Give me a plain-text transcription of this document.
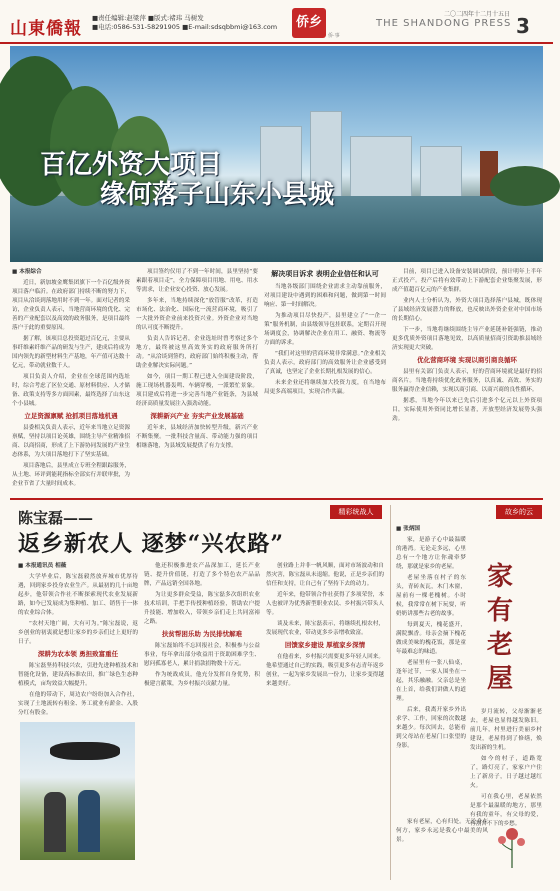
山東僑報
■责任编辑:赵梁萍 ■版式:褚玮 马树发
■电话:0586-531-58291905 ■E-mail:sdsqbbmi@163.com	侨乡
侨·事
二〇二四年十二月十五日
THE SHANDONG PRESS 3
百亿外资大项目
缘何落子山东小县城

■ 本报综合

近日，新加坡金鹰集团旗下一个百亿级外资项目落户临沂。在政府部门持续不断的努力下，项目从洽谈到落地用时不到一年。面对记者的采访，企业负责人表示，当地营商环境的优化、完善的产业配套以及高效的政务服务，是项目最终落户于此的重要原因。

据了解，该项目总投资超过百亿元，主要从事纤维素纤维产品的研发与生产，建成后将成为国内领先的新型材料生产基地，年产值可达数十亿元，带动就业数千人。

项目负责人介绍，企业在全球范围内选址时，综合考虑了区位交通、原材料供应、人才储备、政策支持等多方面因素，最终选择了山东这个小县城。

立足资源禀赋 抢抓项目落地机遇

县委相关负责人表示，近年来当地立足资源禀赋，坚持以项目论英雄，围绕主导产业精准招商、以商招商，形成了上下游协同发展的产业生态体系，为大项目落地打下了坚实基础。

项目落地后，县里成立专班全程跟踪服务，从土地、环评到能耗指标全部实行并联审批，为企业节省了大量时间成本。

项目签约仅用了不到一年时间，县里坚持“要素跟着项目走”，全力保障项目用地、用电、用水等需求，让企业安心投资、放心发展。

多年来，当地持续深化“放管服”改革，打造市场化、法治化、国际化一流营商环境，吸引了一大批外资企业前来投资兴业。外资企业对当地的认可度不断提升。

负责人告诉记者，企业选址时曾考察过多个地方，最终被这里高效务实的政府服务所打动。“从洽谈到签约，政府部门始终积极主动，帮助企业解决实际问题。”

如今，项目一期工程已进入全面建设阶段，施工现场机器轰鸣、车辆穿梭，一派繁忙景象。项目建成后将进一步完善当地产业链条，为县域经济高质量发展注入强劲动能。

深耕新兴产业 夯实产业发展基础

近年来，县域经济加快转型升级，新兴产业不断集聚。一批科技含量高、带动能力强的项目相继落地，为县域发展提供了有力支撑。

解决项目诉求 表明企业信任和认可

当地各级部门围绕企业需求主动靠前服务，对项目建设中遇到的困难和问题，做到第一时间响应、第一时间解决。

为推动项目尽快投产，县里建立了“一企一策”服务机制，由县级领导包挂联系，定期召开现场调度会，协调解决企业在用工、融资、物流等方面的诉求。

“我们对这里的营商环境非常满意。”企业相关负责人表示，政府部门的高效服务让企业感受到了真诚，也坚定了企业长期扎根发展的信心。

未来企业还将继续加大投资力度，在当地布局更多高端项目，实现合作共赢。

目前，项目已进入设备安装调试阶段，预计明年上半年正式投产。投产后将有效带动上下游配套企业集聚发展，形成产值超百亿元的产业集群。

业内人士分析认为，外资大项目选择落户县城，既体现了县域经济发展潜力的释放，也反映出外资企业对中国市场的长期信心。

下一步，当地将继续围绕主导产业延链补链强链，推动更多优质外资项目落地见效，以高质量招商引资助推县域经济实现更大突破。

优化营商环境 实现以商引商良循环

县里有关部门负责人表示，好的营商环境就是最好的招商名片。当地将持续优化政务服务，以真诚、高效、务实的服务赢得企业信赖，实现以商引商、以商兴商的良性循环。

据悉，当地今年以来已先后引进多个亿元以上外资项目，实际使用外资同比增长显著，开放型经济发展势头强劲。

精彩统战人
陈宝磊——
返乡新农人 逐梦“兴农路”

■ 本报通讯员 相薇

大学毕业后，陈宝磊毅然放弃城市优厚待遇，回到家乡投身农业生产。从最初的几十亩地起步，他带领合作社不断探索现代农业发展新路，如今已发展成为集种植、加工、销售于一体的农业综合体。

“农村天地广阔，大有可为。”陈宝磊说，返乡创业的初衷就是想让家乡的乡亲们过上更好的日子。

深耕为农本领 勇担致富重任

陈宝磊坚持科技兴农，引进先进种植技术和智能化设备，建设高标准农田，推广绿色生态种植模式，亩均效益大幅提升。

在他的带动下，周边农户纷纷加入合作社，实现了土地流转有租金、务工就业有薪金、入股分红有股金。

他还积极推进农产品深加工，延长产业链、提升价值链，打造了多个特色农产品品牌，产品远销全国各地。

为让更多群众受益，陈宝磊多次组织农业技术培训，手把手传授种植经验，帮助农户提升技能、增加收入，带领乡亲们走上共同富裕之路。

扶贫帮困乐助 为民排忧解难

陈宝磊始终不忘回报社会，积极参与公益事业，每年拿出部分收益用于资助困难学生、慰问孤寡老人，累计捐款捐物数十万元。

作为统战成员，他充分发挥自身优势，积极建言献策，为乡村振兴贡献力量。

创业路上并非一帆风顺，面对市场波动和自然灾害，陈宝磊从未退缩。他说，正是乡亲们的信任和支持，让自己有了坚持下去的动力。

近年来，他带领合作社获得了多项荣誉，本人也被评为优秀新型职业农民、乡村振兴带头人等。

谈及未来，陈宝磊表示，将继续扎根农村，发展现代农业，带动更多乡亲增收致富。

回馈家乡建设 厚植家乡深情

在他看来，乡村振兴需要更多年轻人回来。他希望通过自己的实践，吸引更多有志青年返乡创业，一起为家乡发展出一份力，让家乡变得越来越美好。

故乡的云

■ 张炳国

家，是游子心中最温暖的港湾。无论走多远，心里总有一个地方让你魂牵梦绕，那就是家乡的老屋。

老屋坐落在村子的东头，青砖灰瓦，木门木窗，屋前有一棵老槐树。小时候，我常常在树下玩耍，听奶奶讲那些古老的故事。

每到夏天，槐花盛开，满院飘香。母亲会摘下槐花做成美味的槐花饭，那是童年最难忘的味道。

老屋里有一张八仙桌，逢年过节，一家人围坐在一起，其乐融融。父亲总是坐在上首，给我们讲做人的道理。

后来，我离开家乡外出求学、工作，回家的次数越来越少。每次回去，总能看到父母站在老屋门口张望的身影。

家有老屋

岁月流转，父母渐渐老去，老屋也显得越发陈旧。前几年，村里进行美丽乡村建设，老屋得到了修缮，焕发出新的生机。

如今的村子，道路宽了，路灯亮了，家家户户住上了新房子，日子越过越红火。

可在我心里，老屋依然是那个最温暖的地方，那里有我的童年，有父母的爱，有割舍不下的乡愁。

家有老屋，心有归处。无论身在何方，家乡永远是我心中最美的风景。
